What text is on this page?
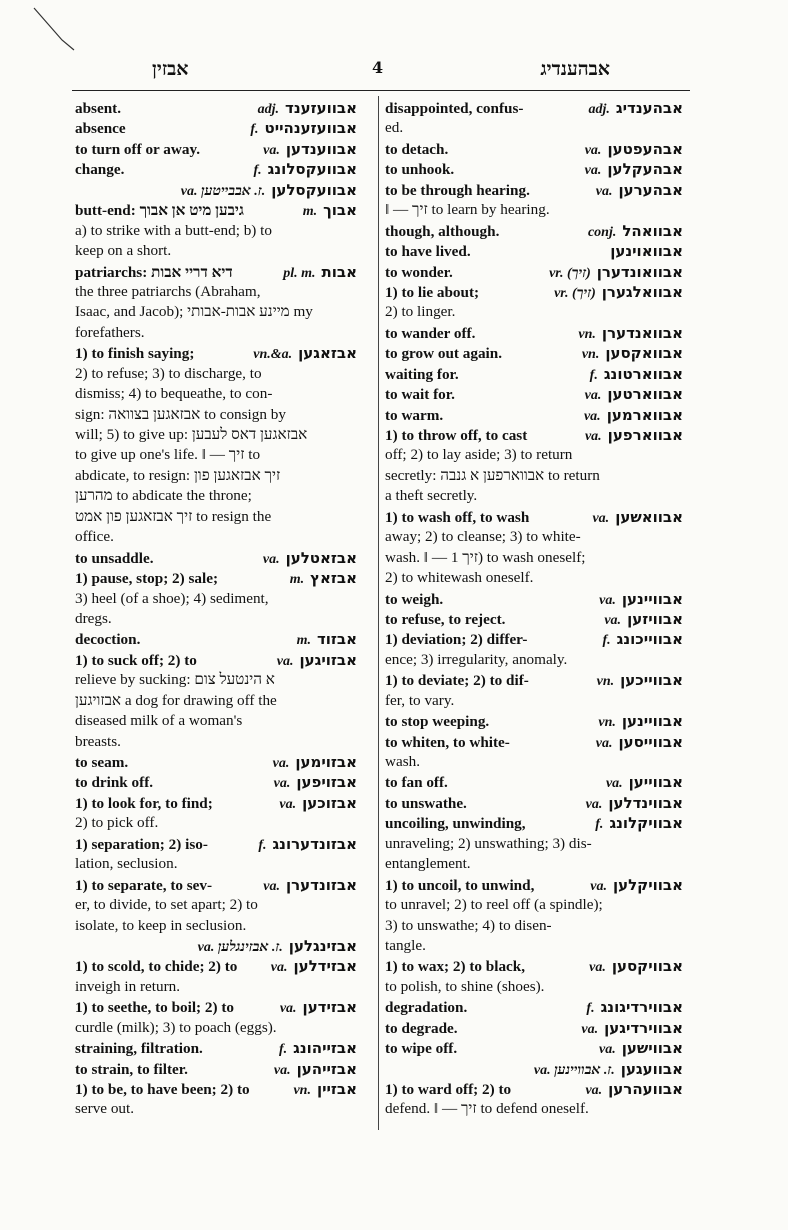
אבזין	4	אבהענדיג
absent.	adj. אבוועזענד
absence	f. אבוועזענהייט
to turn off or away.	va. אבווענדען
change.	f. אבוועקסלונג
va. ז. אבבייטען. אבוועקסלען
butt-end: גיבען מיט אן אבוך	m. אבוך
a) to strike with a butt-end; b) to
keep on a short.
patriarchs: דיא דריי אבות	pl. m. אבות
the three patriarchs (Abraham,
Isaac, and Jacob); מיינע אבות-אבותי my
forefathers.
1) to finish saying;	vn.&a. אבזאגען
2) to refuse; 3) to discharge, to
dismiss; 4) to bequeathe, to con-
sign: אבזאגען בצוואה to consign by
will; 5) to give up: אבזאגען דאס לעבען
to give up one's life. ‖ — זיך to
abdicate, to resign: זיך אבזאגען פון
מהרען to abdicate the throne;
זיך אבזאגען פון אמט to resign the
office.
to unsaddle.	va. אבזאטלען
1) pause, stop; 2) sale;	m. אבזאץ
3) heel (of a shoe); 4) sediment,
dregs.
decoction.	m. אבזוד
1) to suck off; 2) to	va. אבזויגען
relieve by sucking: א הינטעל צום
אבזויגען a dog for drawing off the
diseased milk of a woman's
breasts.
to seam.	va. אבזוימען
to drink off.	va. אבזויפען
1) to look for, to find;	va. אבזוכען
2) to pick off.
1) separation; 2) iso-	f. אבזונדערונג
lation, seclusion.
1) to separate, to sev-	va. אבזונדערן
er, to divide, to set apart; 2) to
isolate, to keep in seclusion.
va. ז. אבזינגלען. אבזינגלען
1) to scold, to chide; 2) to va. אבזידלען
inveigh in return.
1) to seethe, to boil; 2) to	va. אבזידען
curdle (milk); 3) to poach (eggs).
straining, filtration.	f. אבזייהונג
to strain, to filter.	va. אבזייהען
1) to be, to have been; 2) to	vn. אבזיין
serve out.
disappointed, confus-	adj. אבהענדיג
ed.
to detach.	va. אבהעפטען
to unhook.	va. אבהעקלען
to be through hearing.	va. אבהערען
‖ — זיך to learn by hearing.
though, although.	conj. אבוואהל
to have lived.	אבוואוינען
to wonder.	vr. (זיך) אבוואונדערן
1) to lie about;	vr. (זיך) אבוואלגערן
2) to linger.
to wander off.	vn. אבוואנדערן
to grow out again.	vn. אבוואקסען
waiting for.	f. אבווארטונג
to wait for.	va. אבווארטען
to warm.	va. אבווארמען
1) to throw off, to cast	va. אבווארפען
off; 2) to lay aside; 3) to return
secretly: אבווארפען א גנבה to return
a theft secretly.
1) to wash off, to wash	va. אבוואשען
away; 2) to cleanse; 3) to white-
wash. ‖ — זיך 1) to wash oneself;
2) to whitewash oneself.
to weigh.	va. אבוויינען
to refuse, to reject.	va. אבוויזען
1) deviation; 2) differ-	f. אבווייכונג
ence; 3) irregularity, anomaly.
1) to deviate; 2) to dif-	vn. אבווייכען
fer, to vary.
to stop weeping.	vn. אבוויינען
to whiten, to white-	va. אבווייסען
wash.
to fan off.	va. אבווייען
to unswathe.	va. אבווינדלען
uncoiling, unwinding,	f. אבוויקלונג
unraveling; 2) unswathing; 3) dis-
entanglement.
1) to uncoil, to unwind,	va. אבוויקלען
to unravel; 2) to reel off (a spindle);
3) to unswathe; 4) to disen-
tangle.
1) to wax; 2) to black,	va. אבוויקסען
to polish, to shine (shoes).
degradation.	f. אבווירדיגונג
to degrade.	va. אבווירדיגען
to wipe off.	va. אבווישען
va. ז. אבוויינען. אבוועגען
1) to ward off; 2) to	va. אבוועהרען
defend. ‖ — זיך to defend oneself.
